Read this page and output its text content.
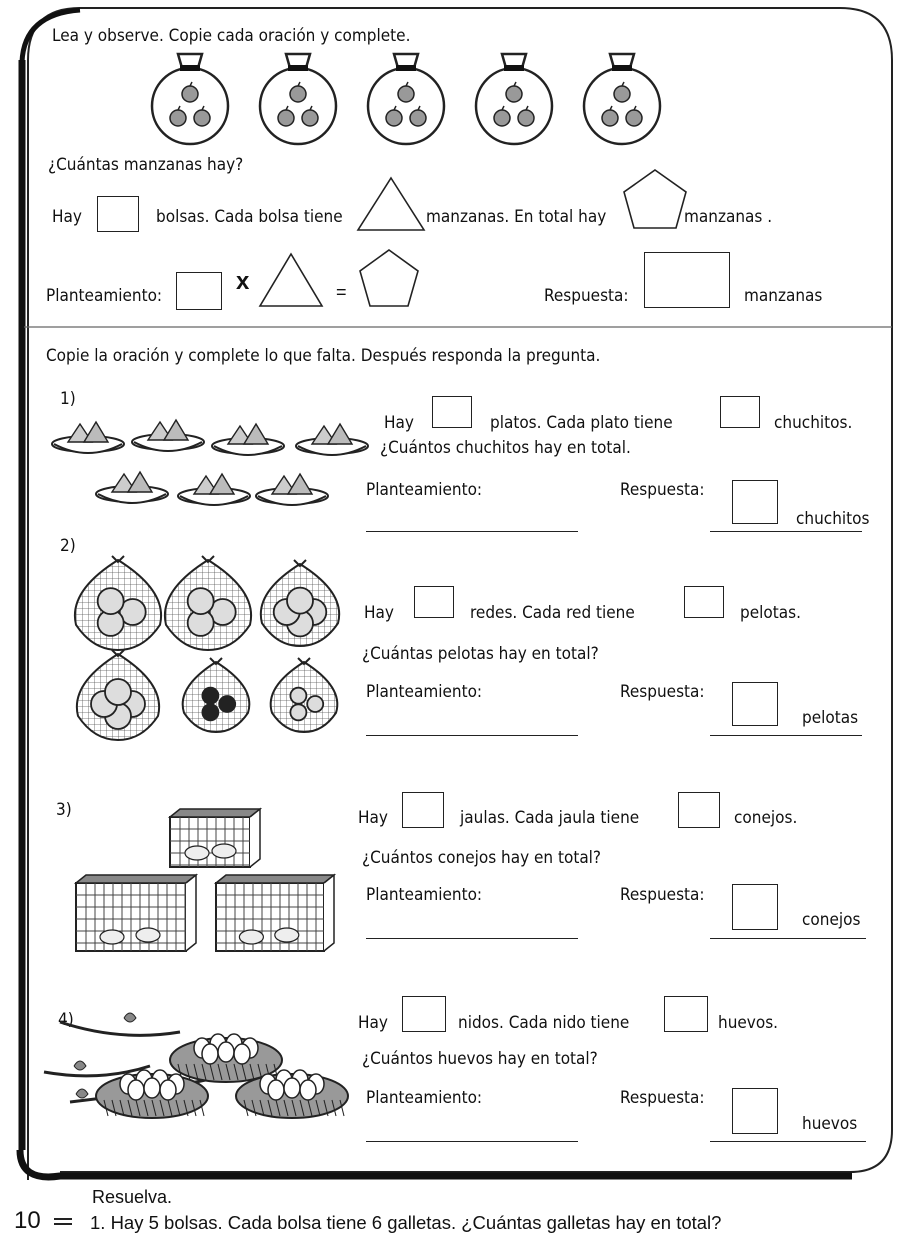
Lea y observe. Copie cada oración y complete.
¿Cuántas manzanas hay?
Hay	bolsas. Cada bolsa tiene	manzanas. En total hay	manzanas .
Planteamiento:
x	=	Respuesta:	manzanas
Copie la oración y complete lo que falta. Después responda la pregunta.
1)
Hay	platos. Cada plato tiene	chuchitos.
¿Cuántos chuchitos hay en total.
Planteamiento:	Respuesta:
chuchitos
2)
Hay	redes. Cada red tiene	pelotas.
¿Cuántas pelotas hay en total?
Planteamiento:	Respuesta:
pelotas
3)	Hay	jaulas. Cada jaula tiene	conejos.
¿Cuántos conejos hay en total?
Planteamiento:	Respuesta:
conejos
4)	Hay	nidos. Cada nido tiene	huevos.
¿Cuántos huevos hay en total?
Planteamiento:	Respuesta:
huevos
Resuelva.
10	1. Hay 5 bolsas. Cada bolsa tiene 6 galletas. ¿Cuántas galletas hay en total?
